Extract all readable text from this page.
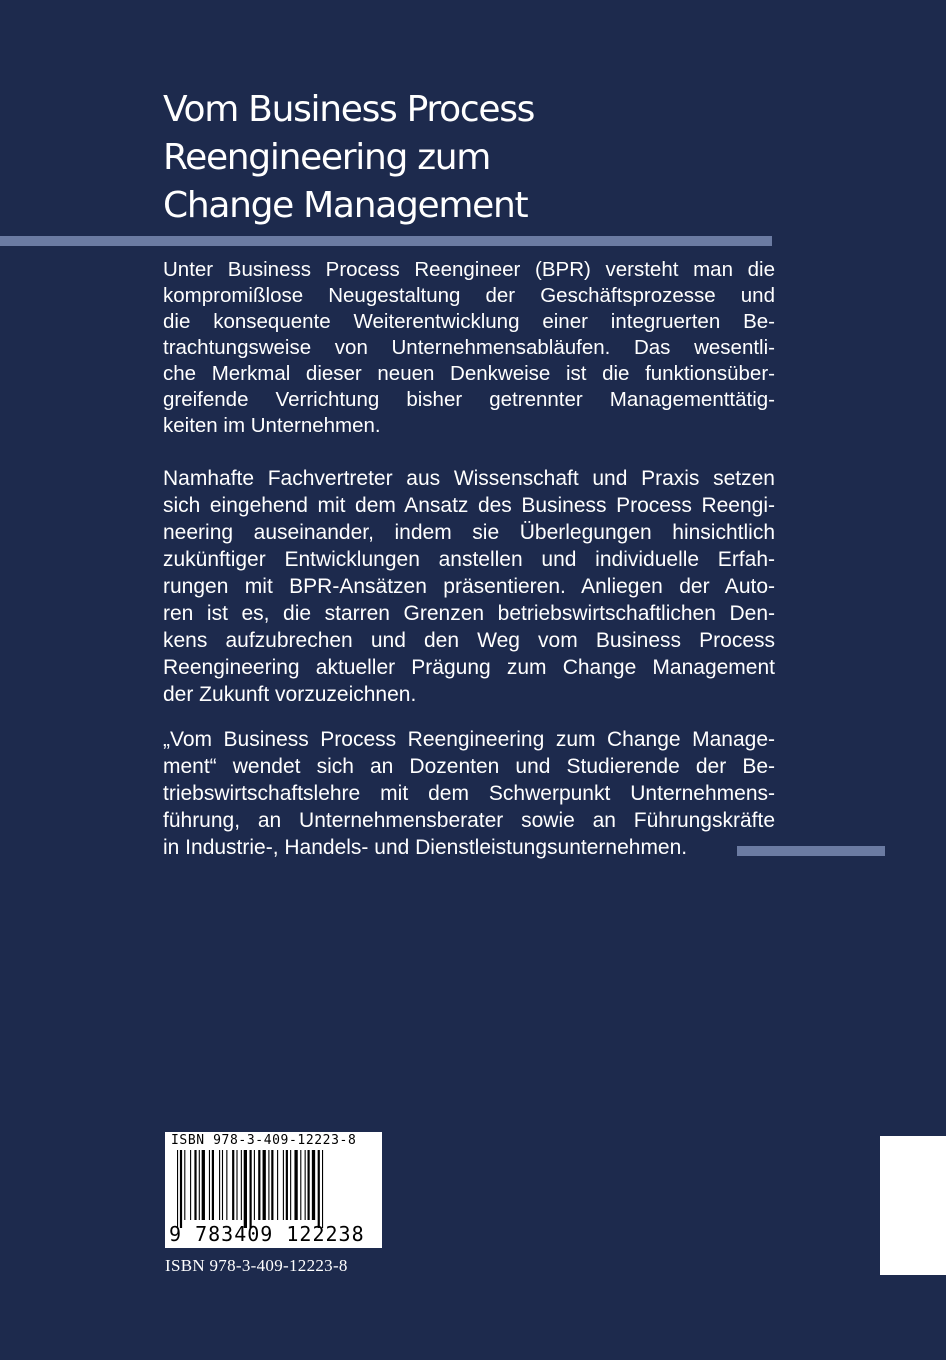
Vom Business Process
Reengineering zum
Change Management

Unter Business Process Reengineer (BPR) versteht man die
kompromißlose Neugestaltung der Geschäftsprozesse und
die konsequente Weiterentwicklung einer integruerten Be-
trachtungsweise von Unternehmensabläufen. Das wesentli-
che Merkmal dieser neuen Denkweise ist die funktionsüber-
greifende Verrichtung bisher getrennter Managementtätig-
keiten im Unternehmen.

Namhafte Fachvertreter aus Wissenschaft und Praxis setzen
sich eingehend mit dem Ansatz des Business Process Reengi-
neering auseinander, indem sie Überlegungen hinsichtlich
zukünftiger Entwicklungen anstellen und individuelle Erfah-
rungen mit BPR-Ansätzen präsentieren. Anliegen der Auto-
ren ist es, die starren Grenzen betriebswirtschaftlichen Den-
kens aufzubrechen und den Weg vom Business Process
Reengineering aktueller Prägung zum Change Management
der Zukunft vorzuzeichnen.

„Vom Business Process Reengineering zum Change Manage-
ment“ wendet sich an Dozenten und Studierende der Be-
triebswirtschaftslehre mit dem Schwerpunkt Unternehmens-
führung, an Unternehmensberater sowie an Führungskräfte
in Industrie-, Handels- und Dienstleistungsunternehmen.

ISBN 978-3-409-12223-8
9 783409 122238
ISBN 978-3-409-12223-8
